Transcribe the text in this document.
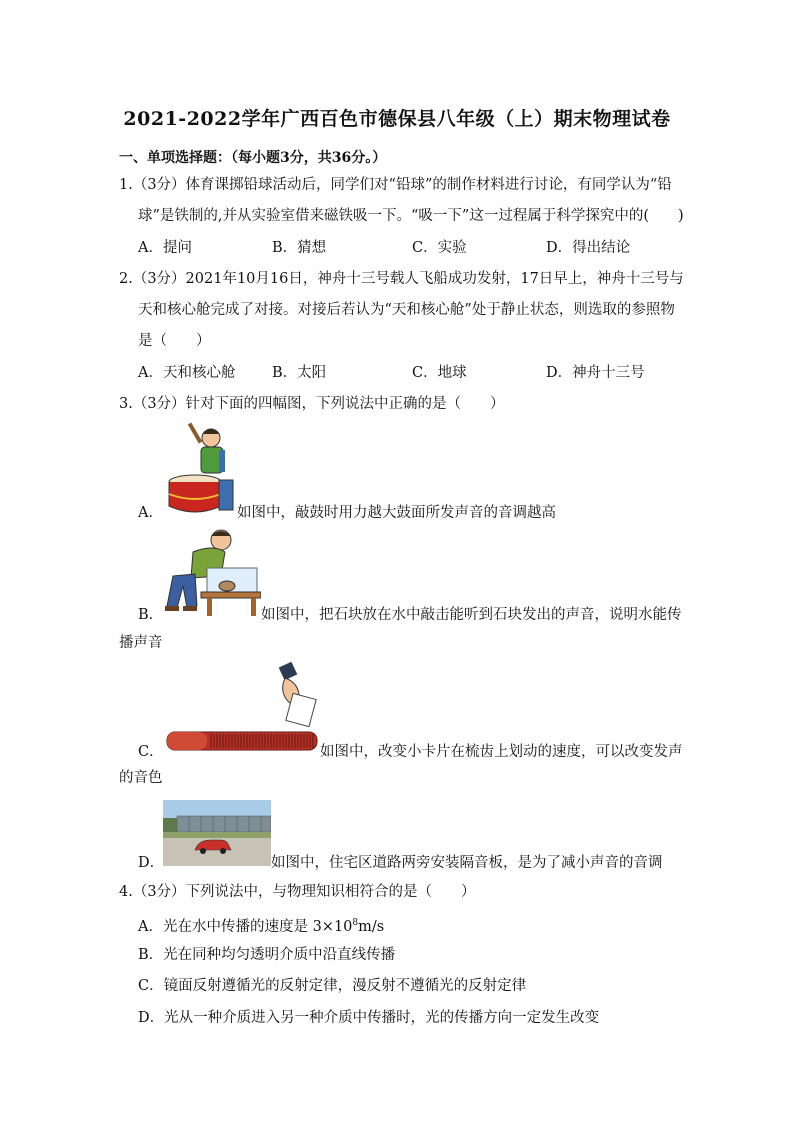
2021-2022学年广西百色市德保县八年级（上）期末物理试卷
一、单项选择题：（每小题3分，共36分。）
1.（3分）体育课掷铅球活动后，同学们对“铅球”的制作材料进行讨论，有同学认为“铅
球”是铁制的,并从实验室借来磁铁吸一下。“吸一下”这一过程属于科学探究中的(　　)
A．提问	B．猜想	C．实验	D．得出结论
2.（3分）2021年10月16日，神舟十三号载人飞船成功发射，17日早上，神舟十三号与
天和核心舱完成了对接。对接后若认为“天和核心舱”处于静止状态，则选取的参照物
是（　　）
A．天和核心舱	B．太阳	C．地球	D．神舟十三号
3.（3分）针对下面的四幅图，下列说法中正确的是（　　）
A．	如图中，敲鼓时用力越大鼓面所发声音的音调越高
B．	如图中，把石块放在水中敲击能听到石块发出的声音，说明水能传
播声音
C．	如图中，改变小卡片在梳齿上划动的速度，可以改变发声
的音色
D．	如图中，住宅区道路两旁安装隔音板，是为了减小声音的音调
4.（3分）下列说法中，与物理知识相符合的是（　　）
A．光在水中传播的速度是 $3\times 10^8m/s$
B．光在同种均匀透明介质中沿直线传播
C．镜面反射遵循光的反射定律，漫反射不遵循光的反射定律
D．光从一种介质进入另一种介质中传播时，光的传播方向一定发生改变
